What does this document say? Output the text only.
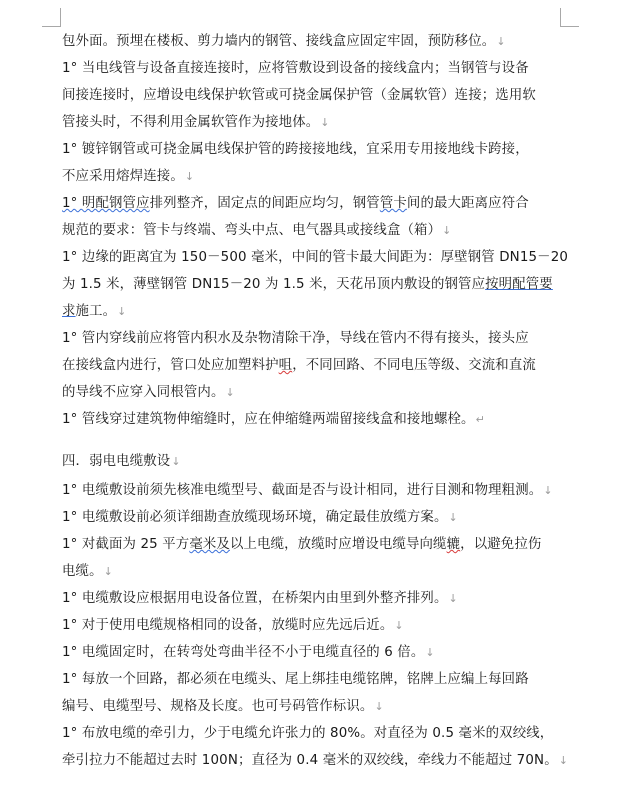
包外面。预埋在楼板、剪力墙内的钢管、接线盒应固定牢固，预防移位。↓
1° 当电线管与设备直接连接时，应将管敷设到设备的接线盒内；当钢管与设备
间接连接时，应增设电线保护软管或可挠金属保护管（金属软管）连接；选用软
管接头时，不得利用金属软管作为接地体。↓
1° 镀锌钢管或可挠金属电线保护管的跨接接地线，宜采用专用接地线卡跨接，
不应采用熔焊连接。↓
1° 明配钢管应排列整齐，固定点的间距应均匀，钢管管卡间的最大距离应符合
规范的要求：管卡与终端、弯头中点、电气器具或接线盒（箱）↓
1° 边缘的距离宜为 150－500 毫米，中间的管卡最大间距为：厚壁钢管 DN15－20
为 1.5 米，薄壁钢管 DN15－20 为 1.5 米，天花吊顶内敷设的钢管应按明配管要
求施工。↓
1° 管内穿线前应将管内积水及杂物清除干净，导线在管内不得有接头，接头应
在接线盒内进行，管口处应加塑料护咀，不同回路、不同电压等级、交流和直流
的导线不应穿入同根管内。↓
1° 管线穿过建筑物伸缩缝时，应在伸缩缝两端留接线盒和接地螺栓。↵
四．弱电电缆敷设↓
1° 电缆敷设前须先核准电缆型号、截面是否与设计相同，进行目测和物理粗测。↓
1° 电缆敷设前必须详细勘查放缆现场环境，确定最佳放缆方案。↓
1° 对截面为 25 平方毫米及以上电缆，放缆时应增设电缆导向缆辘，以避免拉伤
电缆。↓
1° 电缆敷设应根据用电设备位置，在桥架内由里到外整齐排列。↓
1° 对于使用电缆规格相同的设备，放缆时应先远后近。↓
1° 电缆固定时，在转弯处弯曲半径不小于电缆直径的 6 倍。↓
1° 每放一个回路，都必须在电缆头、尾上绑挂电缆铭牌，铭牌上应编上每回路
编号、电缆型号、规格及长度。也可号码管作标识。↓
1° 布放电缆的牵引力，少于电缆允许张力的 80%。对直径为 0.5 毫米的双绞线，
牵引拉力不能超过去时 100N；直径为 0.4 毫米的双绞线，牵线力不能超过 70N。↓
